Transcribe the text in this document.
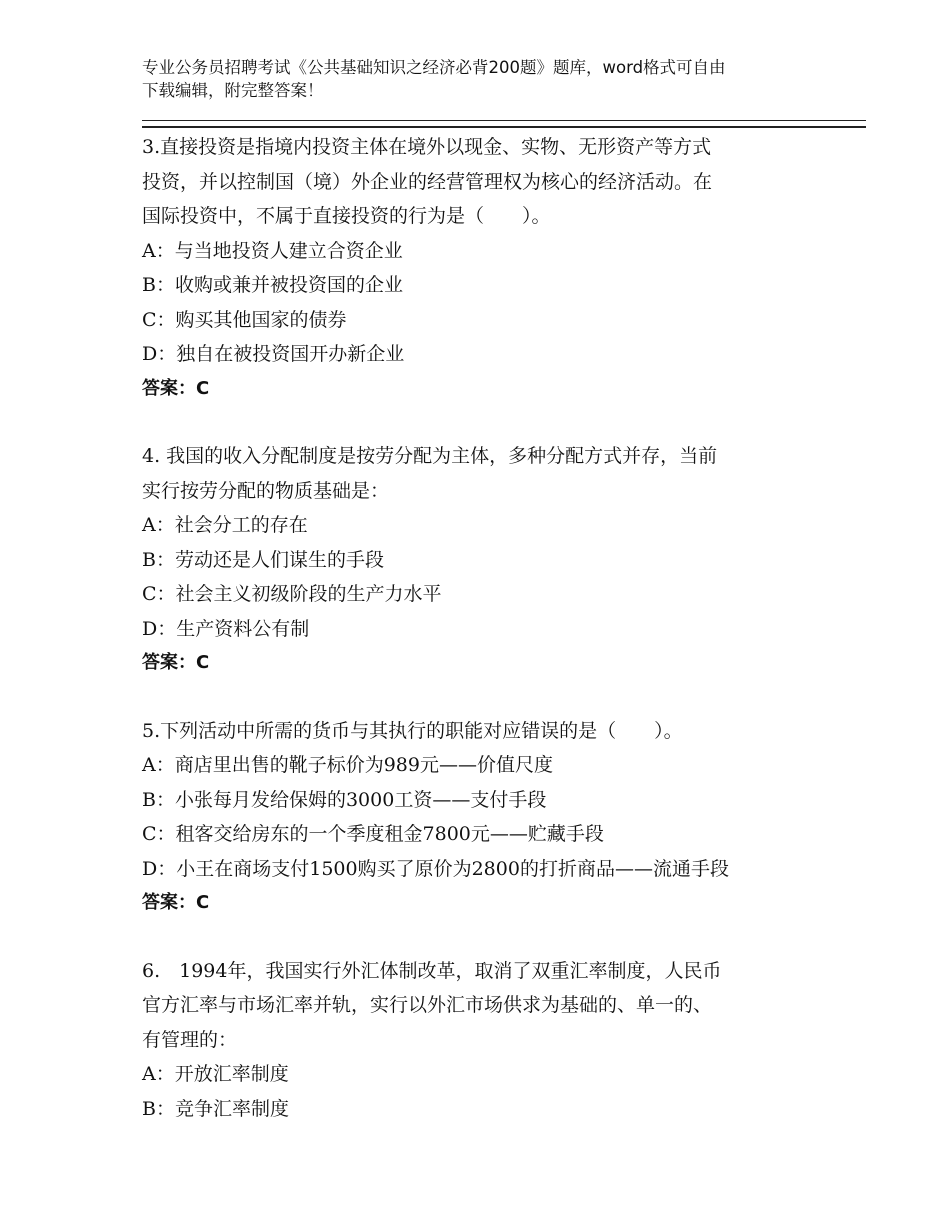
专业公务员招聘考试《公共基础知识之经济必背200题》题库，word格式可自由
下载编辑，附完整答案！

3.直接投资是指境内投资主体在境外以现金、实物、无形资产等方式

投资，并以控制国（境）外企业的经营管理权为核心的经济活动。在

国际投资中，不属于直接投资的行为是（　　）。

A：与当地投资人建立合资企业

B：收购或兼并被投资国的企业

C：购买其他国家的债券

D：独自在被投资国开办新企业

答案：C

4. 我国的收入分配制度是按劳分配为主体，多种分配方式并存，当前

实行按劳分配的物质基础是：

A：社会分工的存在

B：劳动还是人们谋生的手段

C：社会主义初级阶段的生产力水平

D：生产资料公有制

答案：C

5.下列活动中所需的货币与其执行的职能对应错误的是（　　）。

A：商店里出售的靴子标价为989元——价值尺度

B：小张每月发给保姆的3000工资——支付手段

C：租客交给房东的一个季度租金7800元——贮藏手段

D：小王在商场支付1500购买了原价为2800的打折商品——流通手段

答案：C

6.　1994年，我国实行外汇体制改革，取消了双重汇率制度，人民币

官方汇率与市场汇率并轨，实行以外汇市场供求为基础的、单一的、

有管理的：

A：开放汇率制度

B：竞争汇率制度
